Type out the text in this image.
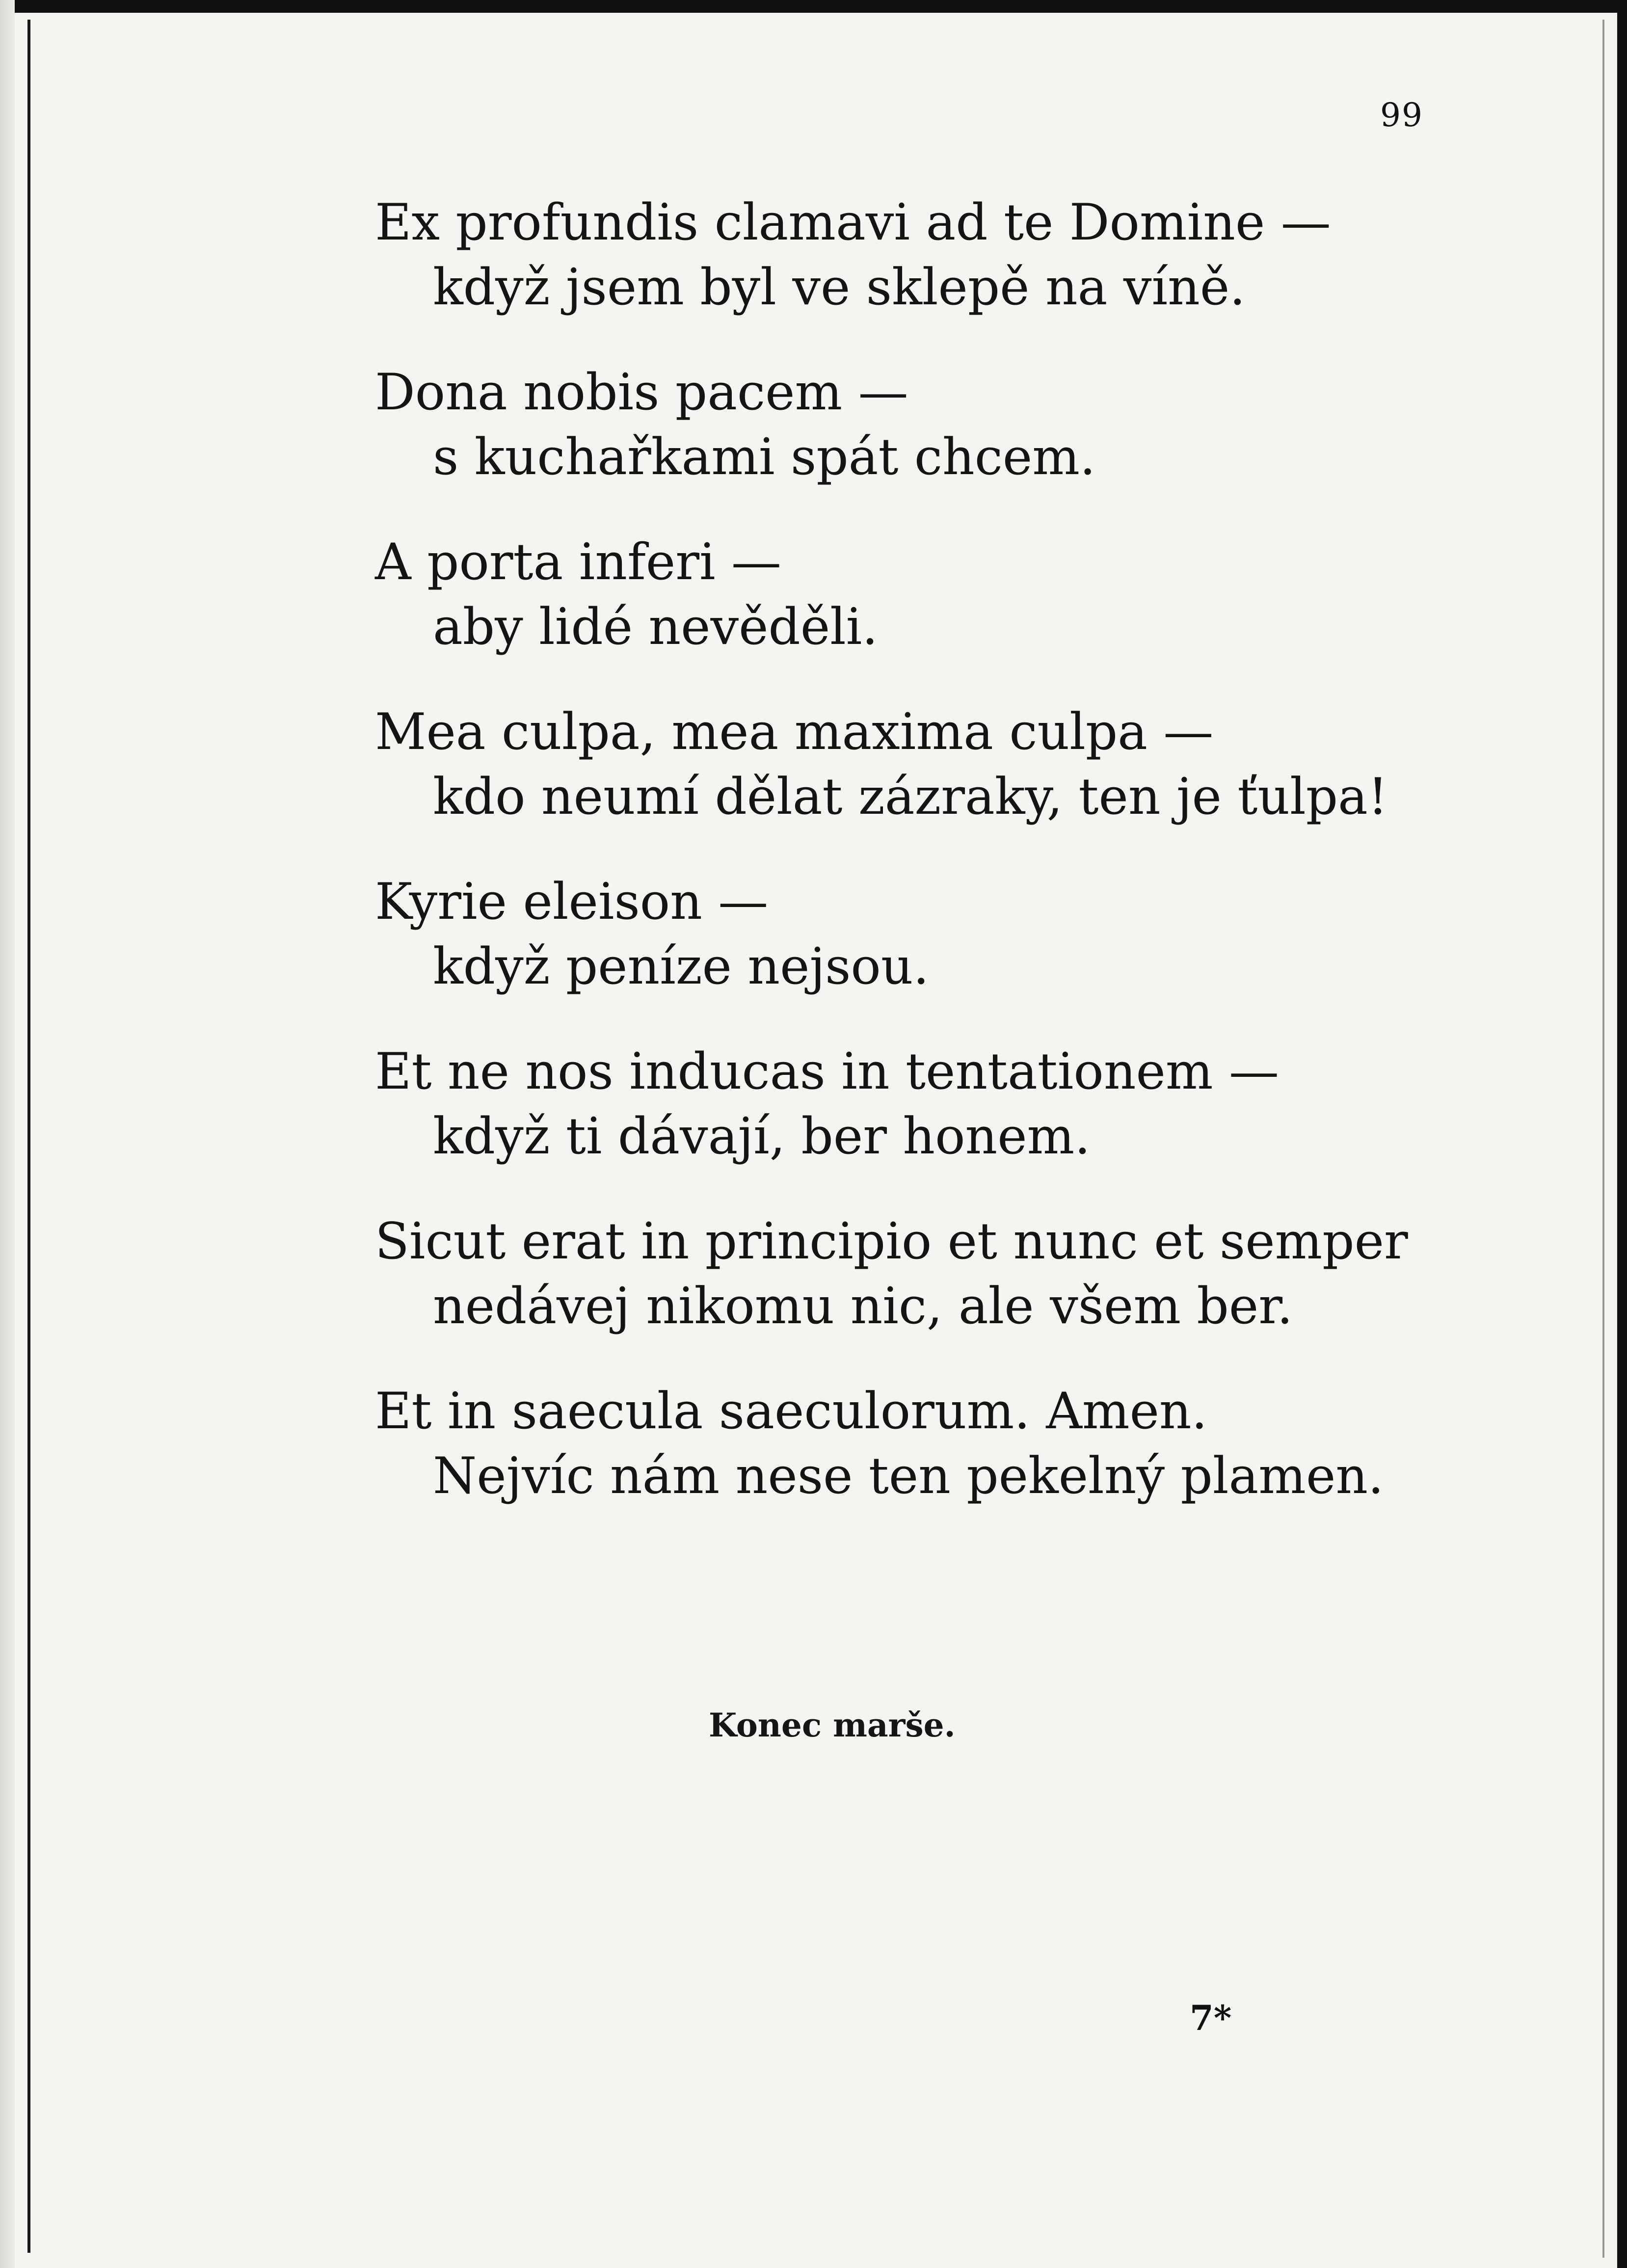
99
Ex profundis clamavi ad te Domine —
když jsem byl ve sklepě na víně.
Dona nobis pacem —
s kuchařkami spát chcem.
A porta inferi —
aby lidé nevěděli.
Mea culpa, mea maxima culpa —
kdo neumí dělat zázraky, ten je ťulpa!
Kyrie eleison —
když peníze nejsou.
Et ne nos inducas in tentationem —
když ti dávají, ber honem.
Sicut erat in principio et nunc et semper
nedávej nikomu nic, ale všem ber.
Et in saecula saeculorum. Amen.
Nejvíc nám nese ten pekelný plamen.
Konec marše.
7*
